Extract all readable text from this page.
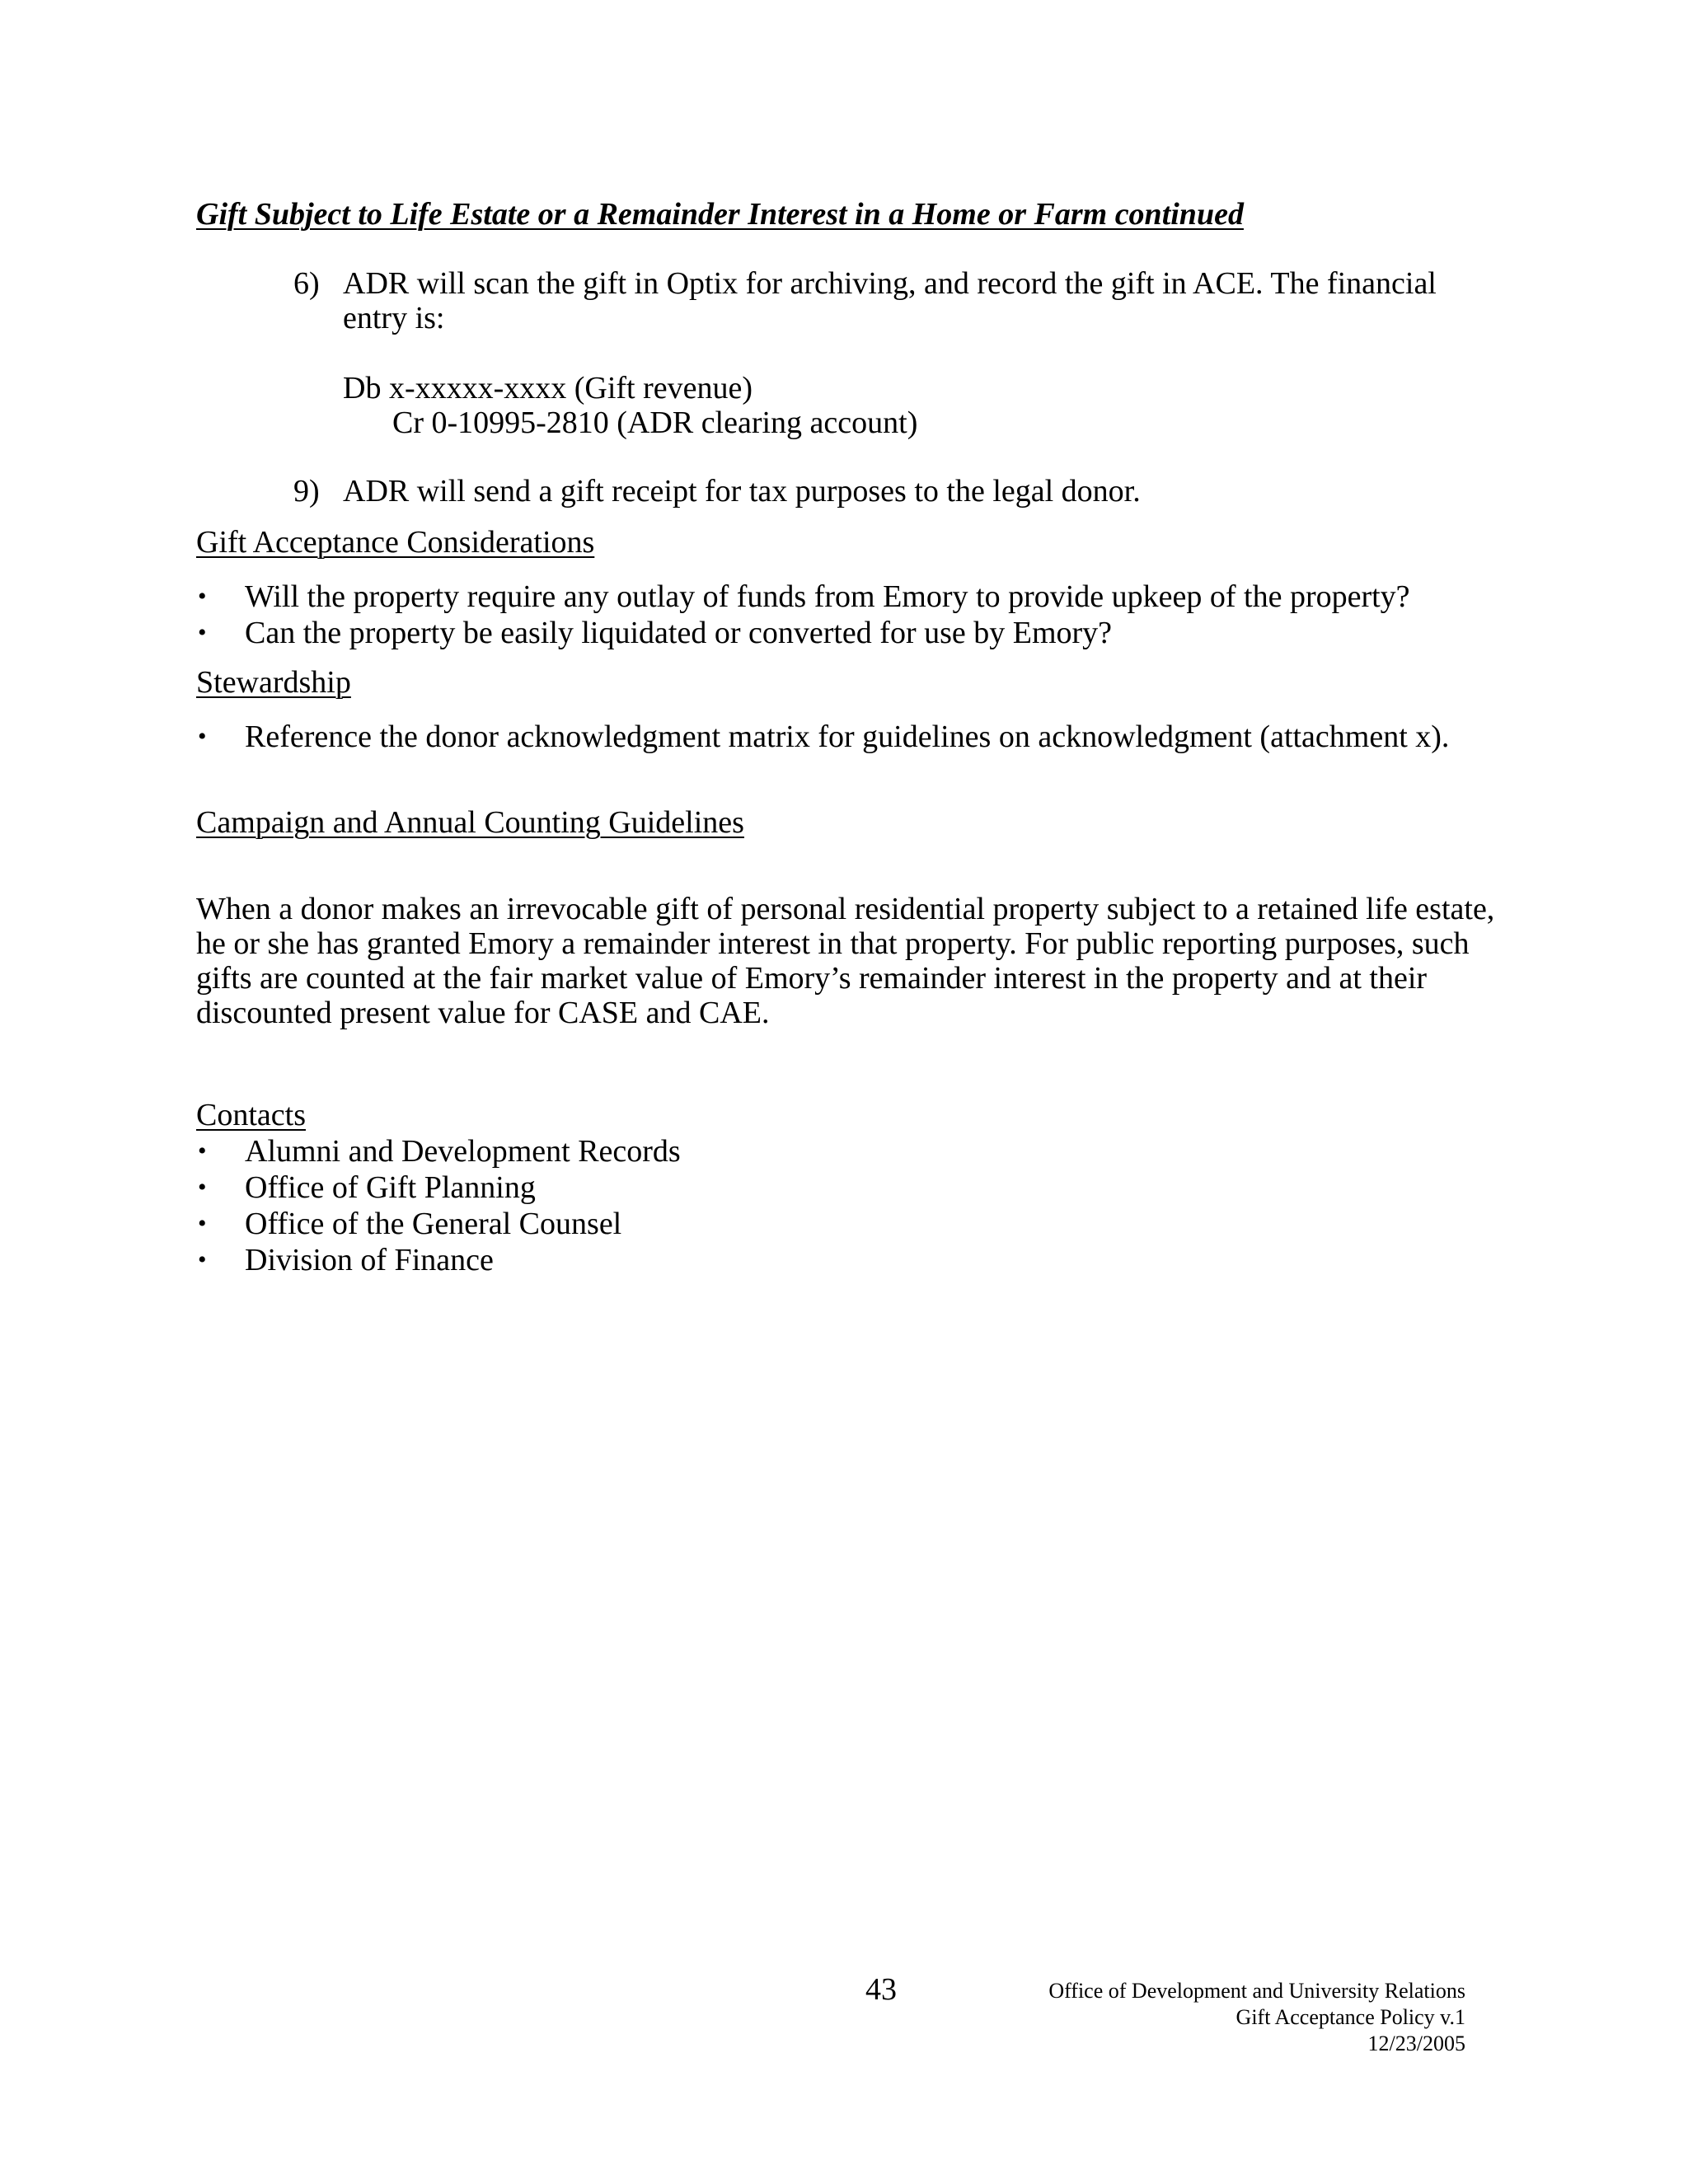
Gift Subject to Life Estate or a Remainder Interest in a Home or Farm continued
6) ADR will scan the gift in Optix for archiving, and record the gift in ACE. The financial
entry is:
Db x-xxxxx-xxxx (Gift revenue)
Cr 0-10995-2810 (ADR clearing account)
9) ADR will send a gift receipt for tax purposes to the legal donor.
Gift Acceptance Considerations
• Will the property require any outlay of funds from Emory to provide upkeep of the property?
• Can the property be easily liquidated or converted for use by Emory?
Stewardship
• Reference the donor acknowledgment matrix for guidelines on acknowledgment (attachment x).
Campaign and Annual Counting Guidelines
When a donor makes an irrevocable gift of personal residential property subject to a retained life estate,
he or she has granted Emory a remainder interest in that property. For public reporting purposes, such
gifts are counted at the fair market value of Emory’s remainder interest in the property and at their
discounted present value for CASE and CAE.
Contacts
• Alumni and Development Records
• Office of Gift Planning
• Office of the General Counsel
• Division of Finance
43	Office of Development and University Relations
Gift Acceptance Policy v.1
12/23/2005
